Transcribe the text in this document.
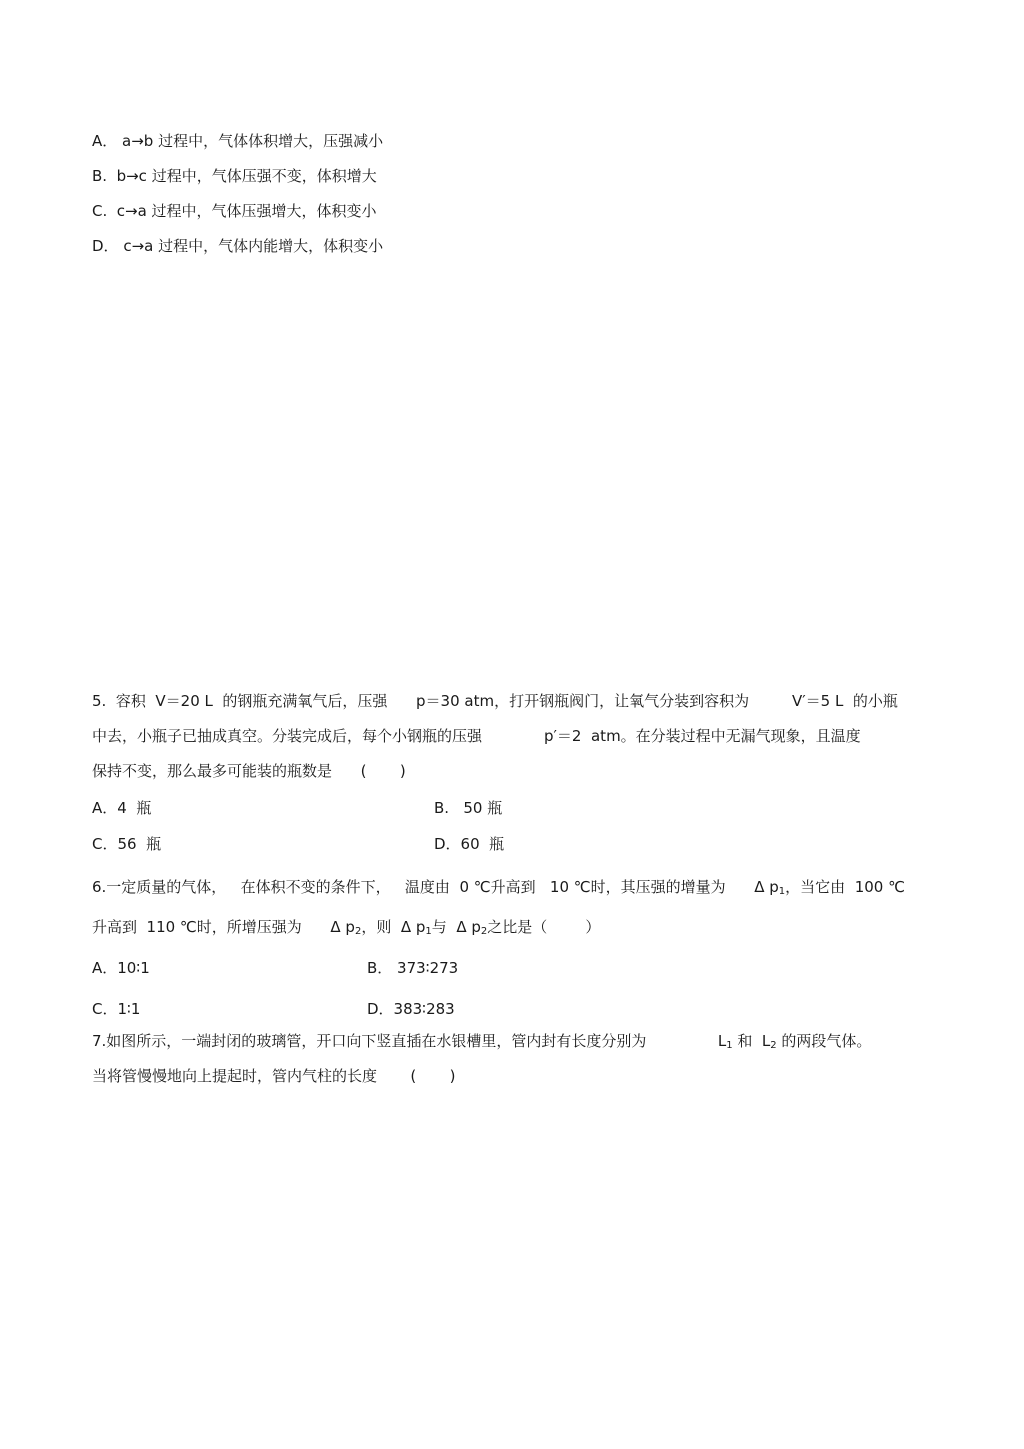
A． a→b 过程中，气体体积增大，压强减小
B.  b→c 过程中，气体压强不变，体积增大
C.  c→a 过程中，气体压强增大，体积变小
D． c→a 过程中，气体内能增大，体积变小
5.  容积  V＝20 L  的钢瓶充满氧气后，压强      p＝30 atm，打开钢瓶阀门，让氧气分装到容积为         V′＝5 L  的小瓶
中去，小瓶子已抽成真空。分装完成后，每个小钢瓶的压强             p′＝2  atm。在分装过程中无漏气现象，且温度
保持不变，那么最多可能装的瓶数是      (       )
A．4  瓶	B.   50 瓶
C．56  瓶	D．60  瓶
6.一定质量的气体，   在体积不变的条件下，   温度由  0 ℃升高到   10 ℃时，其压强的增量为      Δ $p_1$，当它由  100 ℃
升高到  110 ℃时，所增压强为      Δ $p_2$，则  Δ $p_1$与  Δ $p_2$之比是（        ）
A．10∶1	B． 373∶273
C．1∶1	D．383∶283
7.如图所示，一端封闭的玻璃管，开口向下竖直插在水银槽里，管内封有长度分别为               $L_1$ 和  $L_2$ 的两段气体。
当将管慢慢地向上提起时，管内气柱的长度       (       )
